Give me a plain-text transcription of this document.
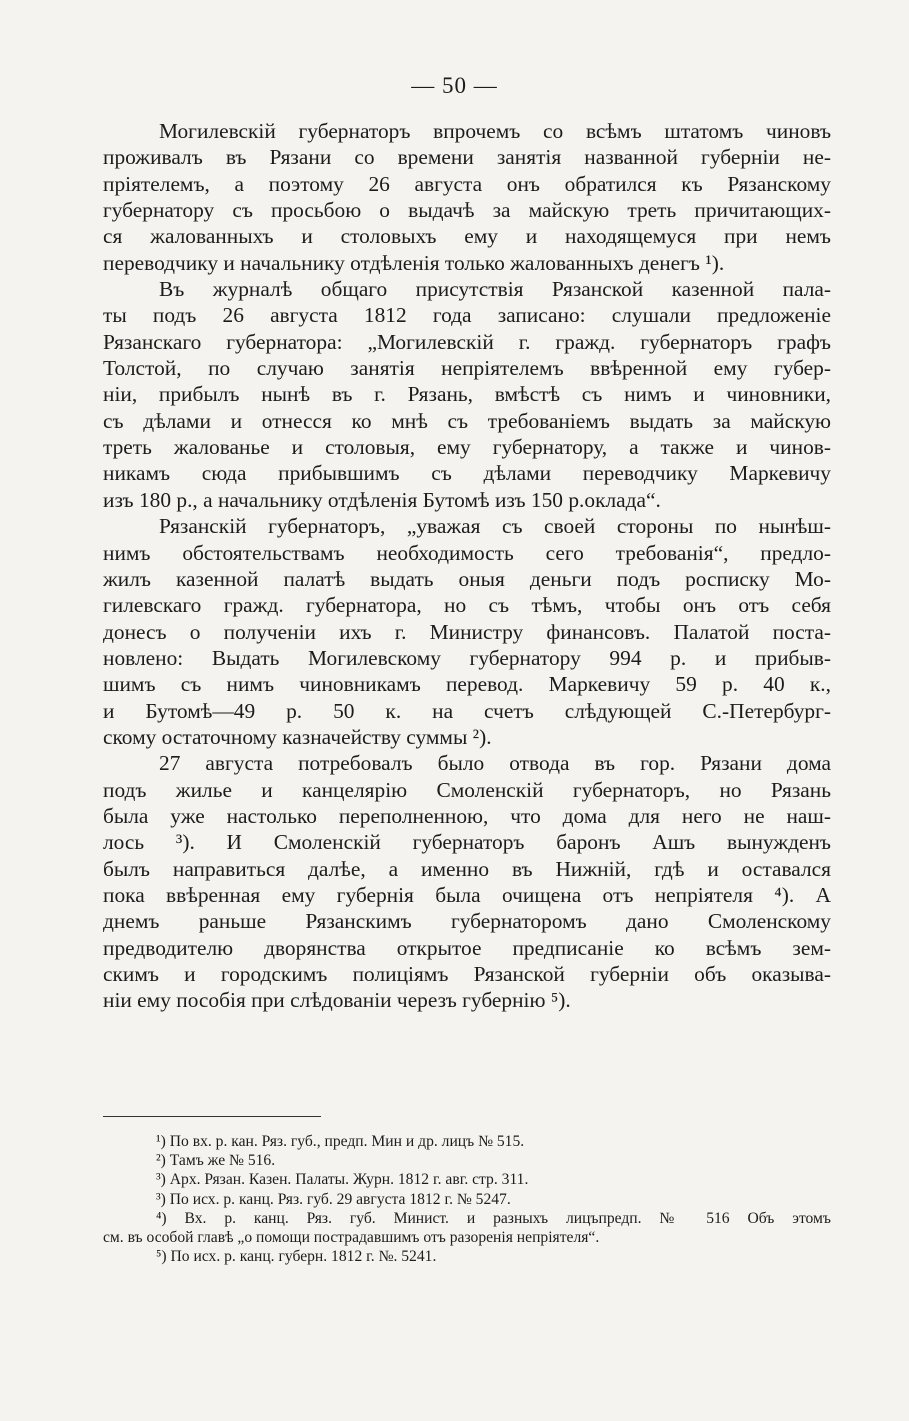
— 50 —
Могилевскій губернаторъ впрочемъ со всѣмъ штатомъ чиновъ
проживалъ въ Рязани со времени занятія названной губерніи не-
пріятелемъ, а поэтому 26 августа онъ обратился къ Рязанскому
губернатору съ просьбою о выдачѣ за майскую треть причитающих-
ся жалованныхъ и столовыхъ ему и находящемуся при немъ
переводчику и начальнику отдѣленія только жалованныхъ денегъ ¹).
Въ журналѣ общаго присутствія Рязанской казенной пала-
ты подъ 26 августа 1812 года записано: слушали предложеніе
Рязанскаго губернатора: „Могилевскій г. гражд. губернаторъ графъ
Толстой, по случаю занятія непріятелемъ ввѣренной ему губер-
ніи, прибылъ нынѣ въ г. Рязань, вмѣстѣ съ нимъ и чиновники,
съ дѣлами и отнесся ко мнѣ съ требованіемъ выдать за майскую
треть жалованье и столовыя, ему губернатору, а также и чинов-
никамъ сюда прибывшимъ съ дѣлами переводчику Маркевичу
изъ 180 р., а начальнику отдѣленія Бутомѣ изъ 150 р.оклада“.
Рязанскій губернаторъ, „уважая съ своей стороны по нынѣш-
нимъ обстоятельствамъ необходимость сего требованія“, предло-
жилъ казенной палатѣ выдать оныя деньги подъ росписку Мо-
гилевскаго гражд. губернатора, но съ тѣмъ, чтобы онъ отъ себя
донесъ о полученіи ихъ г. Министру финансовъ. Палатой поста-
новлено: Выдать Могилевскому губернатору 994 р. и прибыв-
шимъ съ нимъ чиновникамъ перевод. Маркевичу 59 р. 40 к.,
и Бутомѣ—49 р. 50 к. на счетъ слѣдующей С.-Петербург-
скому остаточному казначейству суммы ²).
27 августа потребовалъ было отвода въ гор. Рязани дома
подъ жилье и канцелярію Смоленскій губернаторъ, но Рязань
была уже настолько переполненною, что дома для него не наш-
лось ³). И Смоленскій губернаторъ баронъ Ашъ вынужденъ
былъ направиться далѣе, а именно въ Нижній, гдѣ и оставался
пока ввѣренная ему губернія была очищена отъ непріятеля ⁴). А
днемъ раньше Рязанскимъ губернаторомъ дано Смоленскому
предводителю дворянства открытое предписаніе ко всѣмъ зем-
скимъ и городскимъ полиціямъ Рязанской губерніи объ оказыва-
ніи ему пособія при слѣдованіи черезъ губернію ⁵).
¹) По вх. р. кан. Ряз. губ., предп. Мин и др. лицъ № 515.
²) Тамъ же № 516.
³) Арх. Рязан. Казен. Палаты. Журн. 1812 г. авг. стр. 311.
³) По исх. р. канц. Ряз. губ. 29 августа 1812 г. № 5247.
⁴) Вх. р. канц. Ряз. губ. Минист. и разныхъ лицъпредп. № 516 Объ этомъ
см. въ особой главѣ „о помощи пострадавшимъ отъ разоренія непріятеля“.
⁵) По исх. р. канц. губерн. 1812 г. №. 5241.
